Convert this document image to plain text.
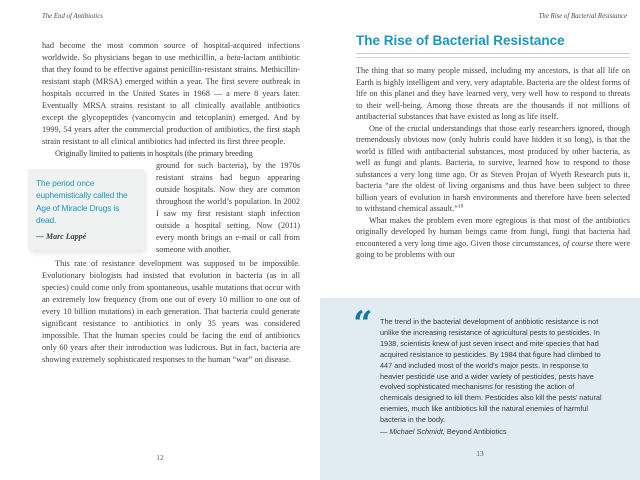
The End of Antibiotics

had become the most common source of hospital-acquired infections worldwide. So physicians began to use methicillin, a beta-lactam antibiotic that they found to be effective against penicillin-resistant strains. Methicillin-resistant staph (MRSA) emerged within a year. The first severe outbreak in hospitals occurred in the United States in 1968 — a mere 8 years later. Eventually MRSA strains resistant to all clinically available antibiotics except the glycopeptides (vancomycin and teicoplanin) emerged. And by 1999, 54 years after the commercial production of antibiotics, the first staph strain resistant to all clinical antibiotics had infected its first three people.

Originally limited to patients in hospitals (the primary breeding

The period once euphemistically called the Age of Miracle Drugs is dead.
— Marc Lappé

ground for such bacteria), by the 1970s resistant strains had begun appearing outside hospitals. Now they are common throughout the world’s population. In 2002 I saw my first resistant staph infection outside a hospital setting. Now (2011) every month brings an e-mail or call from someone with another.

This rate of resistance development was supposed to be impossible. Evolutionary biologists had insisted that evolution in bacteria (as in all species) could come only from spontaneous, usable mutations that occur with an extremely low frequency (from one out of every 10 million to one out of every 10 billion mutations) in each generation. That bacteria could generate significant resistance to antibiotics in only 35 years was considered impossible. That the human species could be facing the end of antibiotics only 60 years after their introduction was ludicrous. But in fact, bacteria are showing extremely sophisticated responses to the human “war” on disease.

12
The Rise of Bacterial Resistance
The Rise of Bacterial Resistance

The thing that so many people missed, including my ancestors, is that all life on Earth is highly intelligent and very, very adaptable. Bacteria are the oldest forms of life on this planet and they have learned very, very well how to respond to threats to their well-being. Among those threats are the thousands if not millions of antibacterial substances that have existed as long as life itself.

One of the crucial understandings that those early researchers ignored, though tremendously obvious now (only hubris could have hidden it so long), is that the world is filled with antibacterial substances, most produced by other bacteria, as well as fungi and plants. Bacteria, to survive, learned how to respond to those substances a very long time ago. Or as Steven Projan of Wyeth Research puts it, bacteria “are the oldest of living organisms and thus have been subject to three billion years of evolution in harsh environments and therefore have been selected to withstand chemical assault.”$^{10}$

What makes the problem even more egregious is that most of the antibiotics originally developed by human beings came from fungi, fungi that bacteria had encountered a very long time ago. Given those circumstances, of course there were going to be problems with our

“ The trend in the bacterial development of antibiotic resistance is not unlike the increasing resistance of agricultural pests to pesticides. In 1938, scientists knew of just seven insect and mite species that had acquired resistance to pesticides. By 1984 that figure had climbed to 447 and included most of the world's major pests. In response to heavier pesticide use and a wider variety of pesticides, pests have evolved sophisticated mechanisms for resisting the action of chemicals designed to kill them. Pesticides also kill the pests’ natural enemies, much like antibiotics kill the natural enemies of harmful bacteria in the body.
— Michael Schmidt, Beyond Antibiotics
13
